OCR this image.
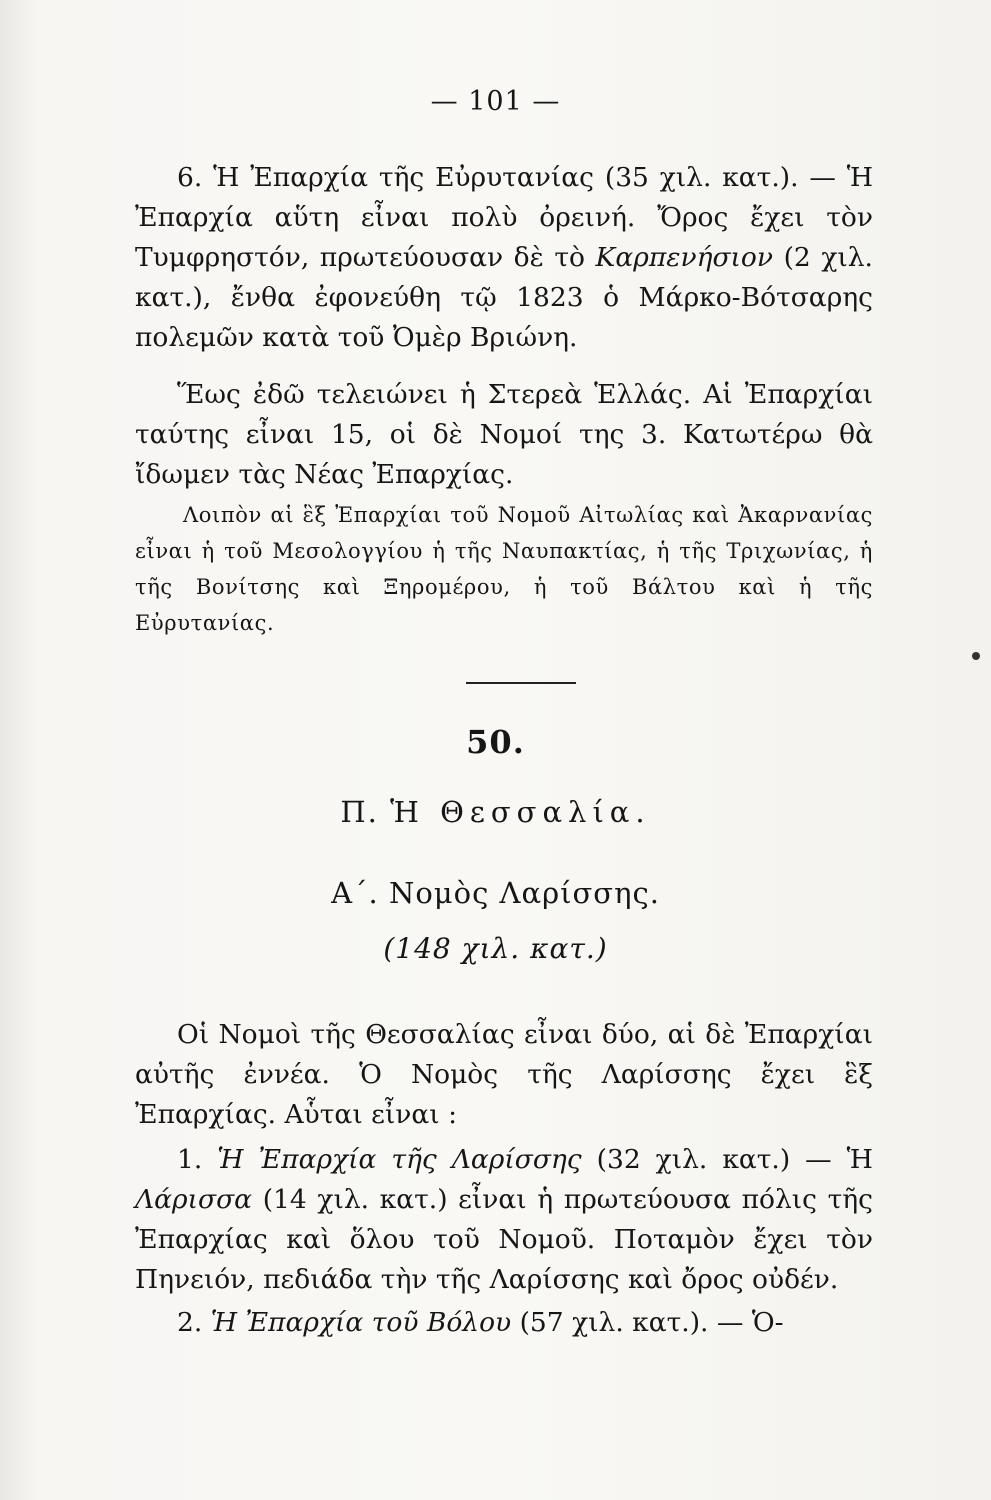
— 101 —

6. Ἡ Ἐπαρχία τῆς Εὐρυτανίας (35 χιλ. κατ.). — Ἡ Ἐπαρχία αὕτη εἶναι πολὺ ὀρεινή. Ὄρος ἔχει τὸν Τυμφρηστόν, πρωτεύουσαν δὲ τὸ Καρπενήσιον (2 χιλ. κατ.), ἔνθα ἐφονεύθη τῷ 1823 ὁ Μάρκο-Βότσαρης πολεμῶν κατὰ τοῦ Ὀμὲρ Βριώνη.

Ἕως ἐδῶ τελειώνει ἡ Στερεὰ Ἑλλάς. Αἱ Ἐπαρχίαι ταύτης εἶναι 15, οἱ δὲ Νομοί της 3. Κατωτέρω θὰ ἴδωμεν τὰς Νέας Ἐπαρχίας.

Λοιπὸν αἱ ἓξ Ἐπαρχίαι τοῦ Νομοῦ Αἰτωλίας καὶ Ἀκαρνανίας εἶναι ἡ τοῦ Μεσολογγίου ἡ τῆς Ναυπακτίας, ἡ τῆς Τριχωνίας, ἡ τῆς Βονίτσης καὶ Ξηρομέρου, ἡ τοῦ Βάλτου καὶ ἡ τῆς Εὐρυτανίας.

50.
Π. Ἡ Θεσσαλία.
Α΄. Νομὸς Λαρίσσης.
(148 χιλ. κατ.)

Οἱ Νομοὶ τῆς Θεσσαλίας εἶναι δύο, αἱ δὲ Ἐπαρχίαι αὐτῆς ἐννέα. Ὁ Νομὸς τῆς Λαρίσσης ἔχει ἓξ Ἐπαρχίας. Αὗται εἶναι :

1. Ἡ Ἐπαρχία τῆς Λαρίσσης (32 χιλ. κατ.) — Ἡ Λάρισσα (14 χιλ. κατ.) εἶναι ἡ πρωτεύουσα πόλις τῆς Ἐπαρχίας καὶ ὅλου τοῦ Νομοῦ. Ποταμὸν ἔχει τὸν Πηνειόν, πεδιάδα τὴν τῆς Λαρίσσης καὶ ὄρος οὐδέν.

2. Ἡ Ἐπαρχία τοῦ Βόλου (57 χιλ. κατ.). — Ὁ-
